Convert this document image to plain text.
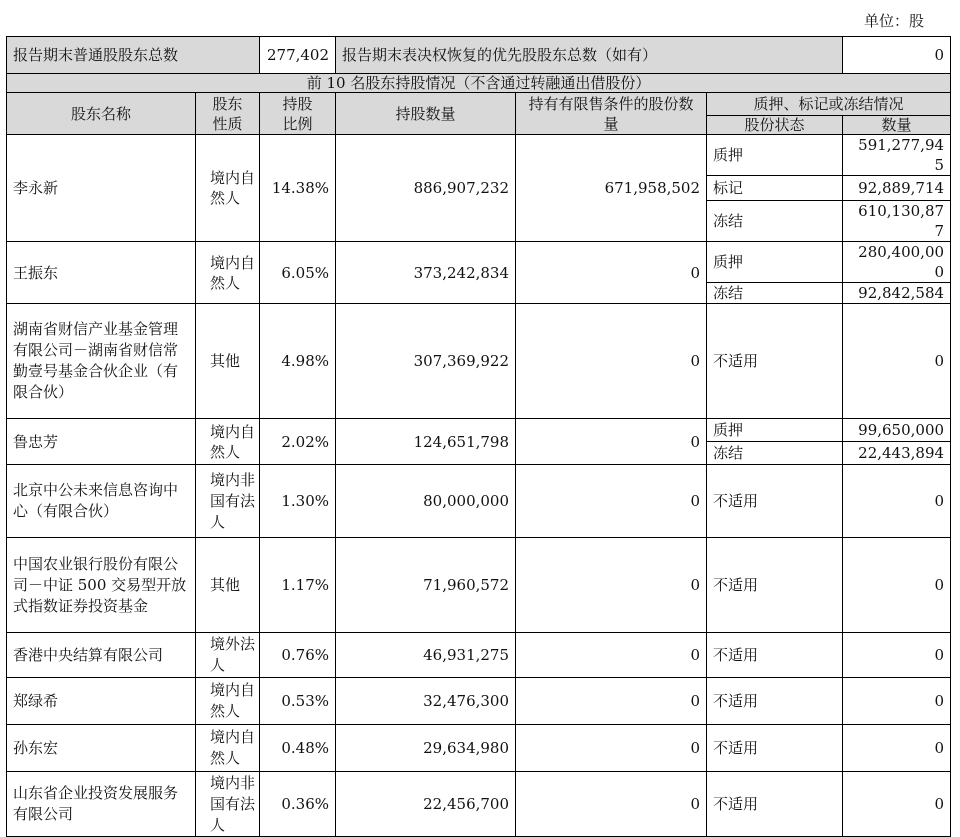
单位：股
报告期末普通股股东总数		277,402	报告期末表决权恢复的优先股股东总数（如有）			0
前 10 名股东持股情况（不含通过转融通出借股份）						
股东名称	股东性质	持股比例	持股数量	持有有限售条件的股份数量	质押、标记或冻结情况	
					股份状态	数量
李永新	境内自然人	14.38%	886,907,232	671,958,502	质押	591,277,945
					标记	92,889,714
					冻结	610,130,877
王振东	境内自然人	6.05%	373,242,834	0	质押	280,400,000
					冻结	92,842,584
湖南省财信产业基金管理有限公司－湖南省财信常勤壹号基金合伙企业（有限合伙）	其他	4.98%	307,369,922	0	不适用	0
鲁忠芳	境内自然人	2.02%	124,651,798	0	质押	99,650,000
					冻结	22,443,894
北京中公未来信息咨询中心（有限合伙）	境内非国有法人	1.30%	80,000,000	0	不适用	0
中国农业银行股份有限公司－中证 500 交易型开放式指数证券投资基金	其他	1.17%	71,960,572	0	不适用	0
香港中央结算有限公司	境外法人	0.76%	46,931,275	0	不适用	0
郑绿希	境内自然人	0.53%	32,476,300	0	不适用	0
孙东宏	境内自然人	0.48%	29,634,980	0	不适用	0
山东省企业投资发展服务有限公司	境内非国有法人	0.36%	22,456,700	0	不适用	0
